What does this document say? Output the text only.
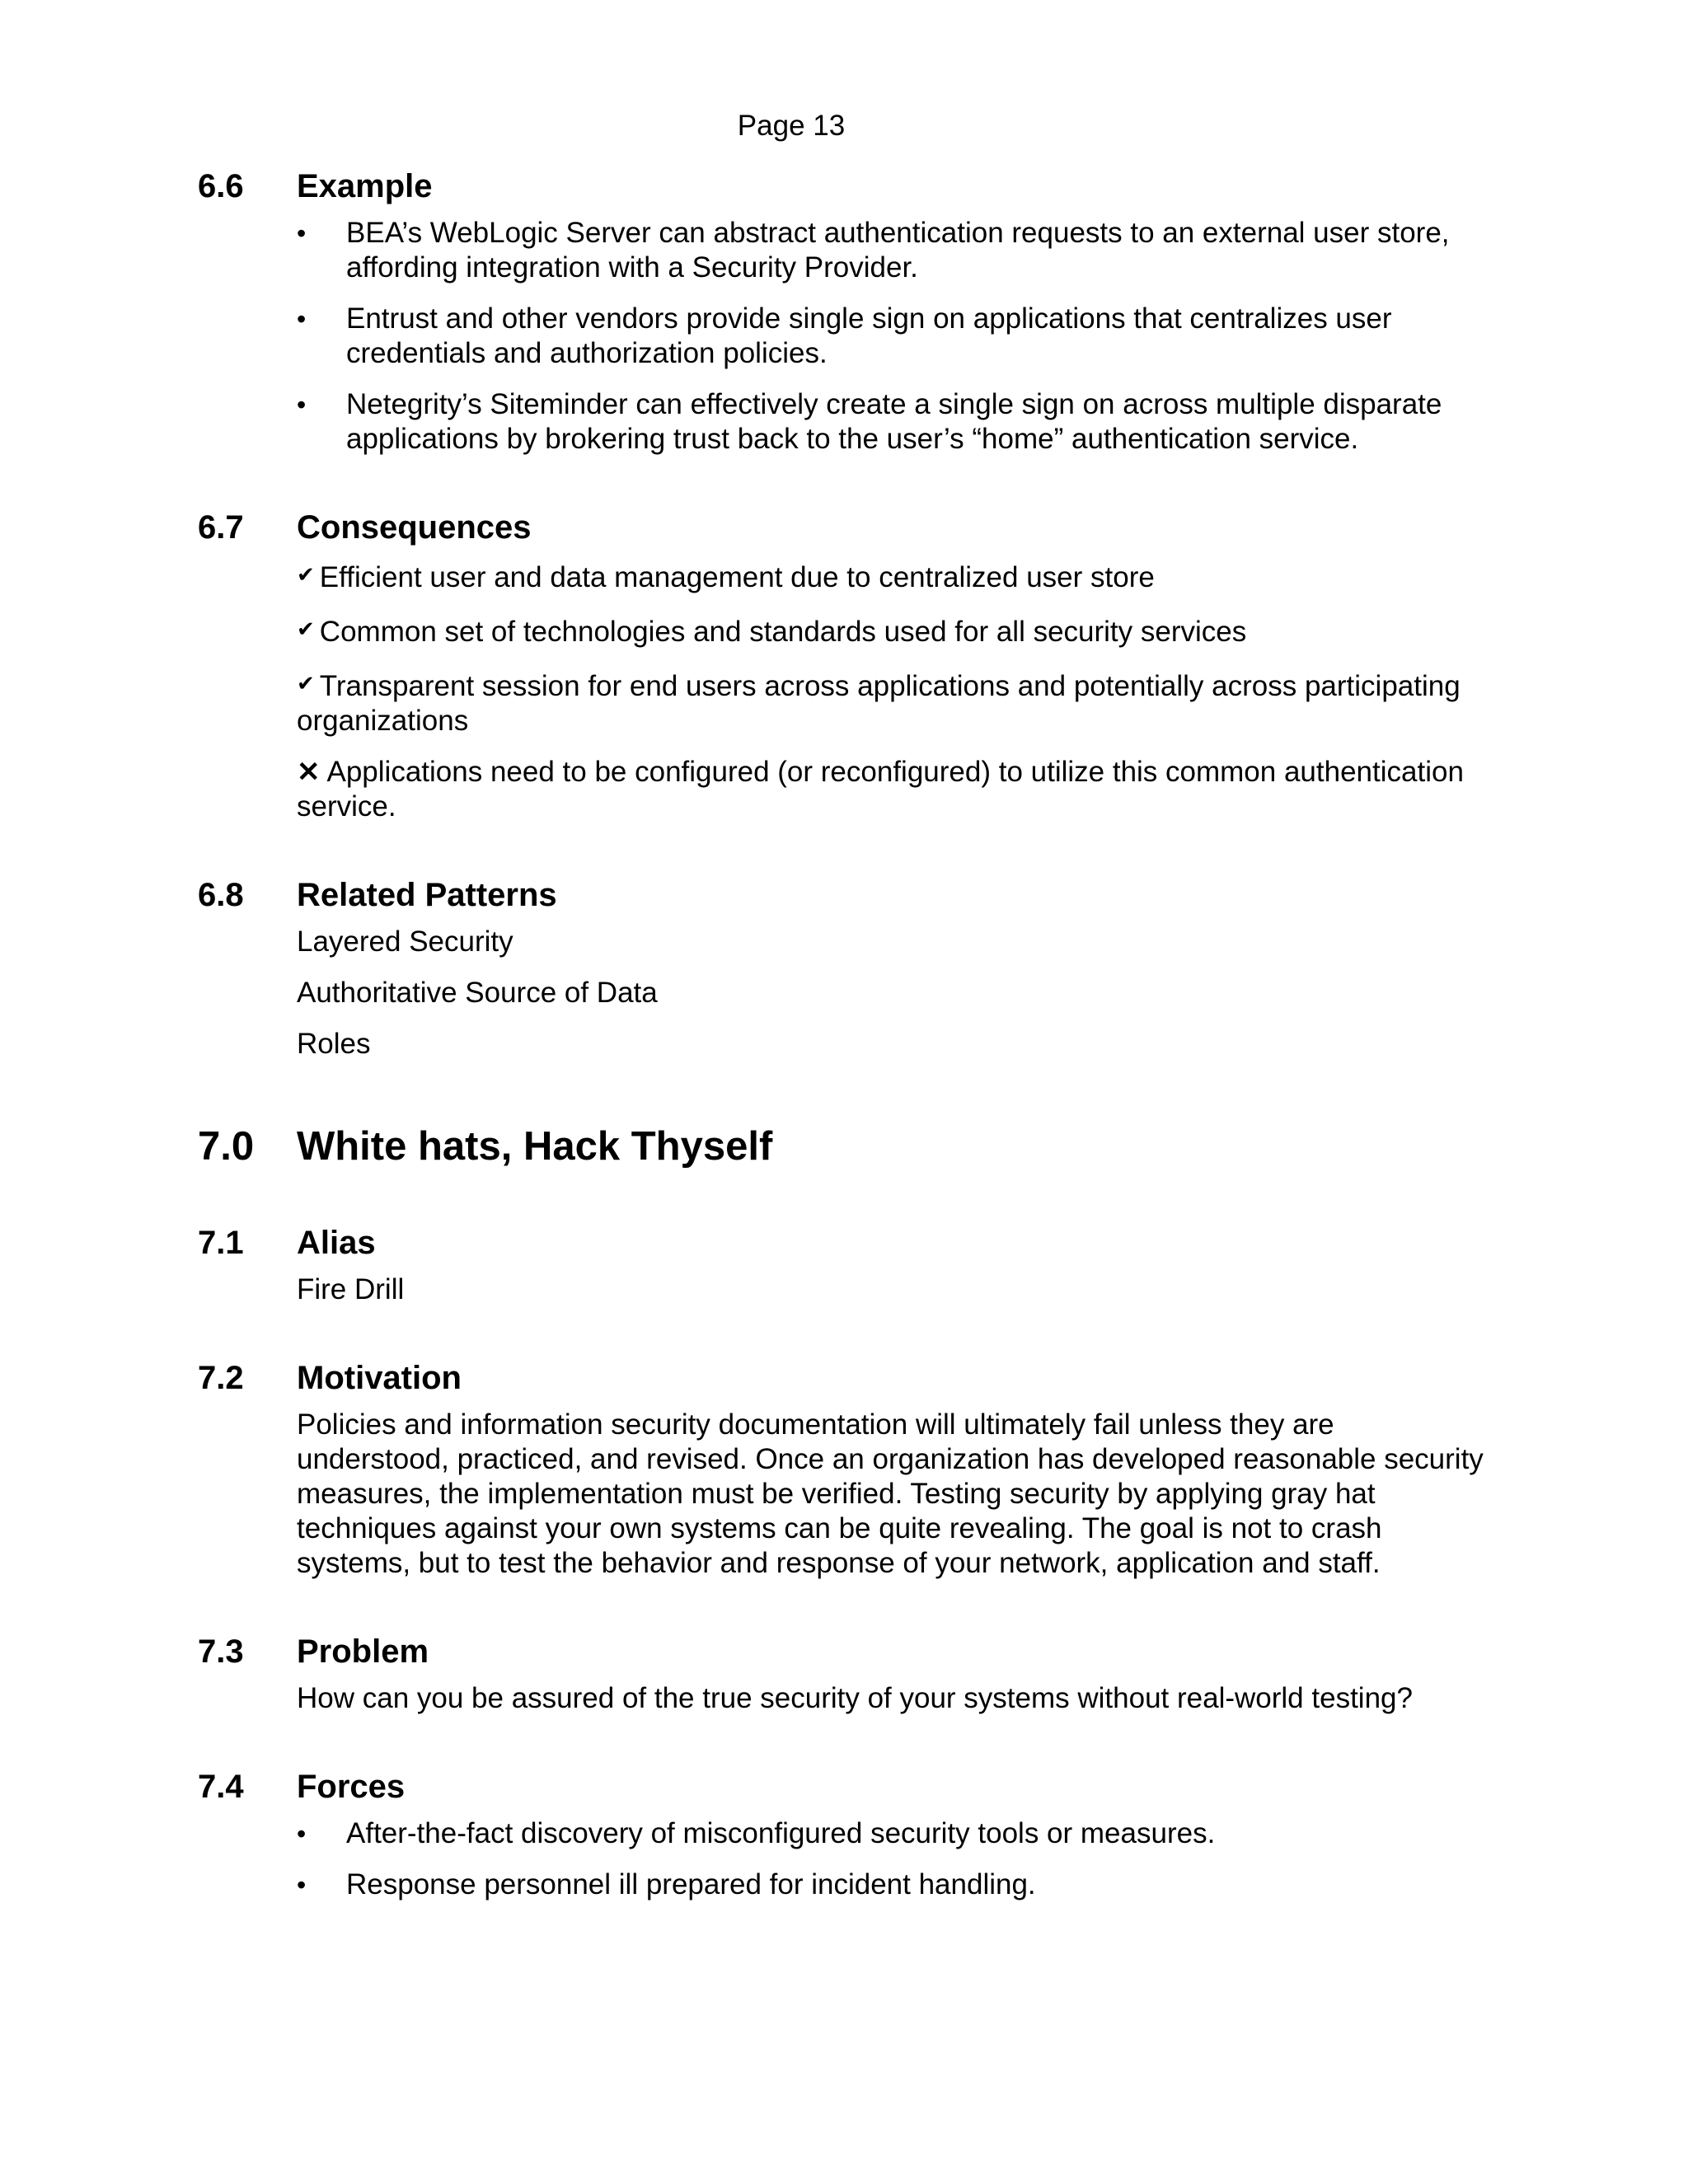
Page 13
6.6	Example
•	BEA’s WebLogic Server can abstract authentication requests to an external user store, affording integration with a Security Provider.
•	Entrust and other vendors provide single sign on applications that centralizes user credentials and authorization policies.
•	Netegrity’s Siteminder can effectively create a single sign on across multiple disparate applications by brokering trust back to the user’s “home” authentication service.
6.7	Consequences
✔ Efficient user and data management due to centralized user store
✔ Common set of technologies and standards used for all security services
✔ Transparent session for end users across applications and potentially across participating organizations
✕ Applications need to be configured (or reconfigured) to utilize this common authentication service.
6.8	Related Patterns
Layered Security
Authoritative Source of Data
Roles
7.0	White hats, Hack Thyself
7.1	Alias

Fire Drill

7.2	Motivation

Policies and information security documentation will ultimately fail unless they are understood, practiced, and revised. Once an organization has developed reasonable security measures, the implementation must be verified. Testing security by applying gray hat techniques against your own systems can be quite revealing. The goal is not to crash systems, but to test the behavior and response of your network, application and staff.

7.3	Problem

How can you be assured of the true security of your systems without real-world testing?

7.4	Forces
•	After-the-fact discovery of misconfigured security tools or measures.
•	Response personnel ill prepared for incident handling.
